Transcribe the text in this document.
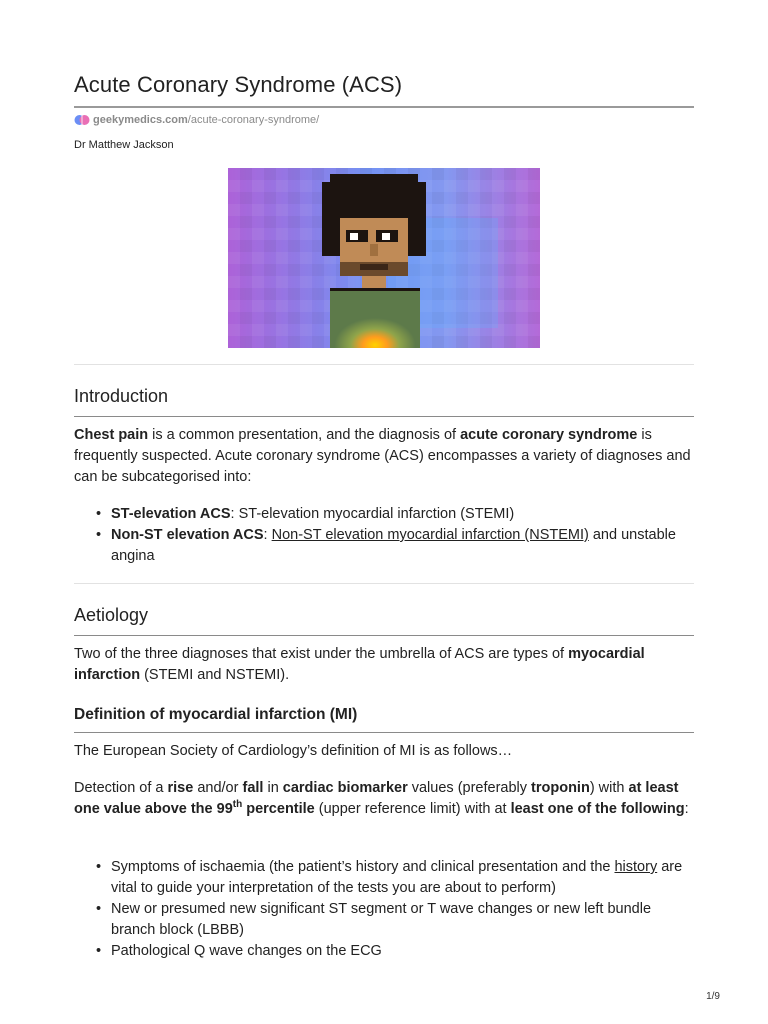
Acute Coronary Syndrome (ACS)
geekymedics.com/acute-coronary-syndrome/
Dr Matthew Jackson
Introduction

Chest pain is a common presentation, and the diagnosis of acute coronary syndrome is frequently suspected. Acute coronary syndrome (ACS) encompasses a variety of diagnoses and can be subcategorised into:

• ST-elevation ACS: ST-elevation myocardial infarction (STEMI)
• Non-ST elevation ACS: Non-ST elevation myocardial infarction (NSTEMI) and unstable angina
Aetiology

Two of the three diagnoses that exist under the umbrella of ACS are types of myocardial infarction (STEMI and NSTEMI).

Definition of myocardial infarction (MI)

The European Society of Cardiology’s definition of MI is as follows…

Detection of a rise and/or fall in cardiac biomarker values (preferably troponin) with at least one value above the 99th percentile (upper reference limit) with at least one of the following:

• Symptoms of ischaemia (the patient’s history and clinical presentation and the history are vital to guide your interpretation of the tests you are about to perform)
• New or presumed new significant ST segment or T wave changes or new left bundle branch block (LBBB)
• Pathological Q wave changes on the ECG
1/9
